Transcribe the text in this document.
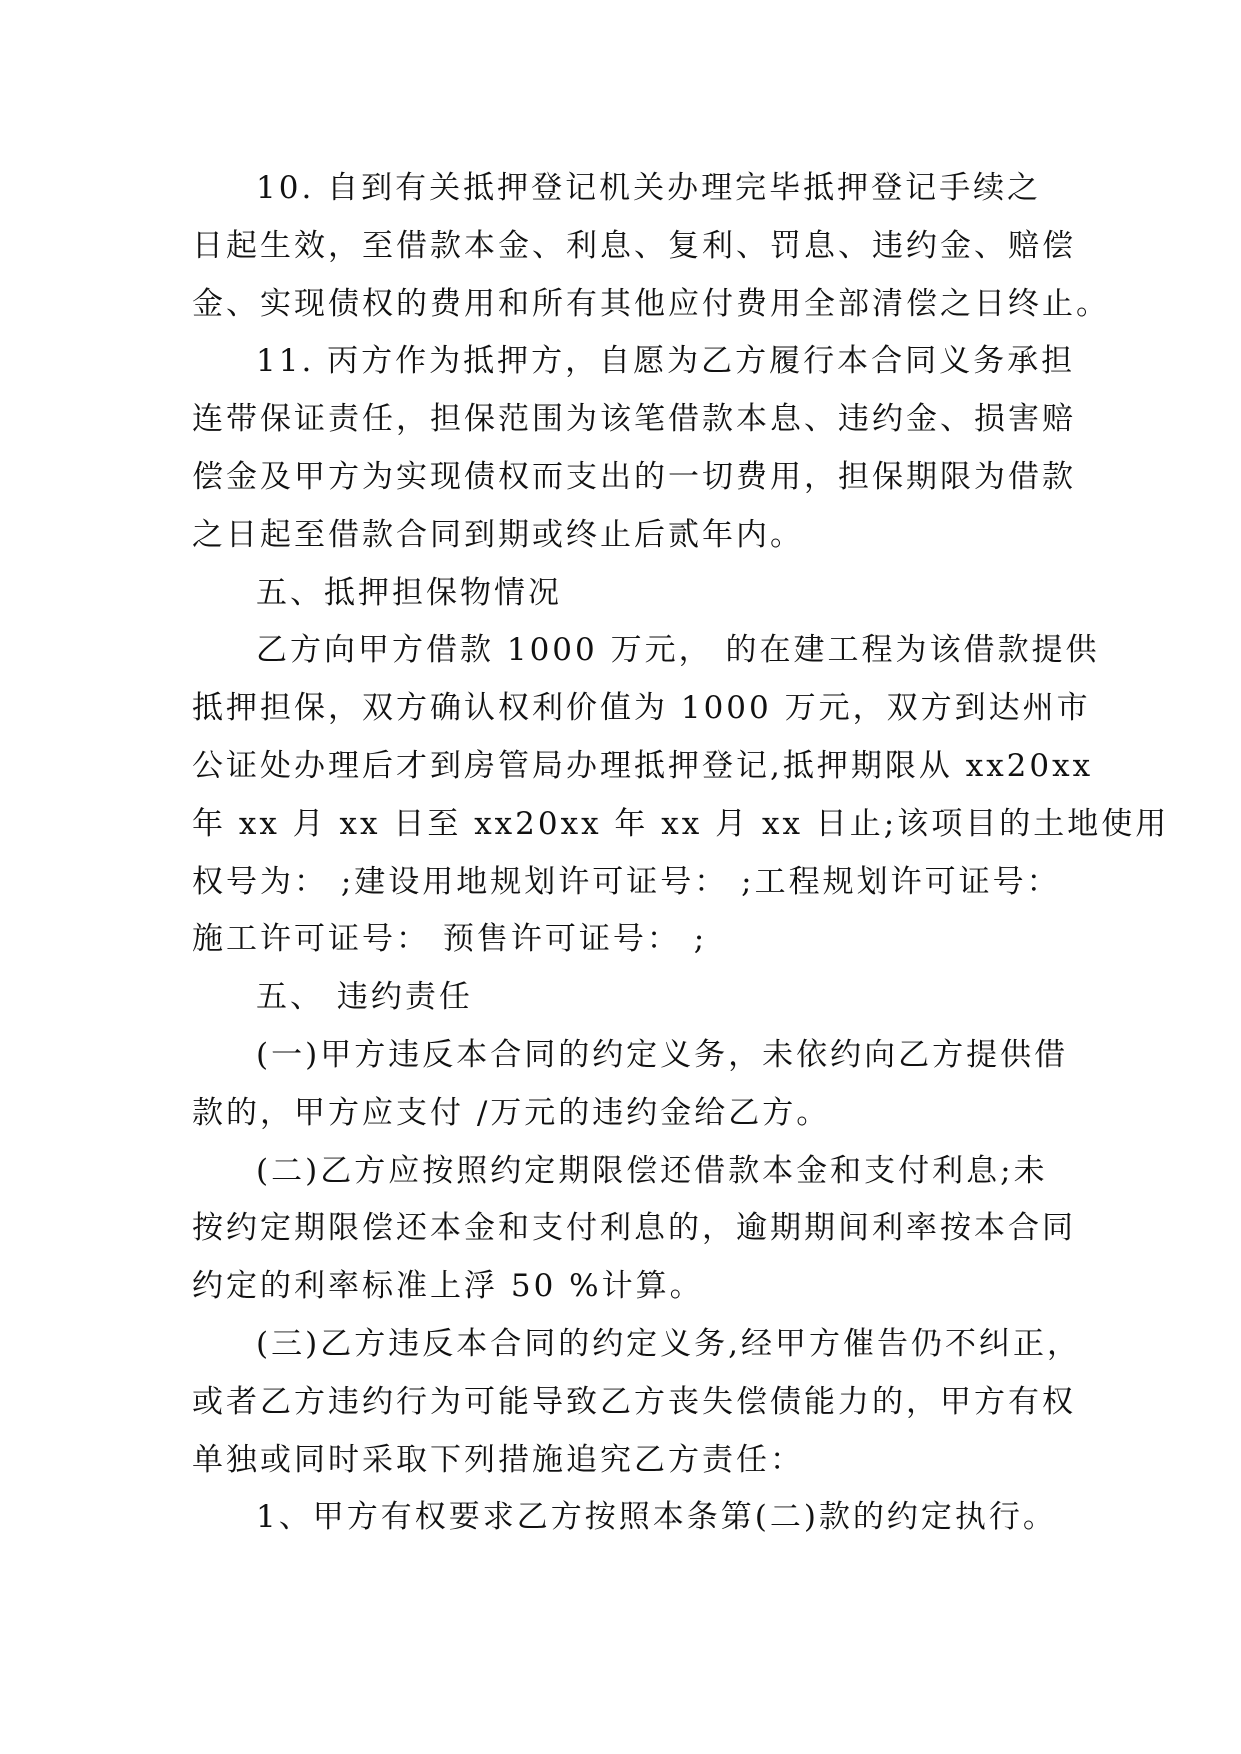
10. 自到有关抵押登记机关办理完毕抵押登记手续之
日起生效，至借款本金、利息、复利、罚息、违约金、赔偿
金、实现债权的费用和所有其他应付费用全部清偿之日终止。
11. 丙方作为抵押方，自愿为乙方履行本合同义务承担
连带保证责任，担保范围为该笔借款本息、违约金、损害赔
偿金及甲方为实现债权而支出的一切费用，担保期限为借款
之日起至借款合同到期或终止后贰年内。
五、抵押担保物情况
乙方向甲方借款 1000 万元， 的在建工程为该借款提供
抵押担保，双方确认权利价值为 1000 万元，双方到达州市
公证处办理后才到房管局办理抵押登记,抵押期限从 xx20xx
年 xx 月 xx 日至 xx20xx 年 xx 月 xx 日止;该项目的土地使用
权号为： ;建设用地规划许可证号： ;工程规划许可证号：
施工许可证号： 预售许可证号： ;
五、 违约责任
(一)甲方违反本合同的约定义务，未依约向乙方提供借
款的，甲方应支付 /万元的违约金给乙方。
(二)乙方应按照约定期限偿还借款本金和支付利息;未
按约定期限偿还本金和支付利息的，逾期期间利率按本合同
约定的利率标准上浮 50 %计算。
(三)乙方违反本合同的约定义务,经甲方催告仍不纠正，
或者乙方违约行为可能导致乙方丧失偿债能力的，甲方有权
单独或同时采取下列措施追究乙方责任：
1、甲方有权要求乙方按照本条第(二)款的约定执行。
